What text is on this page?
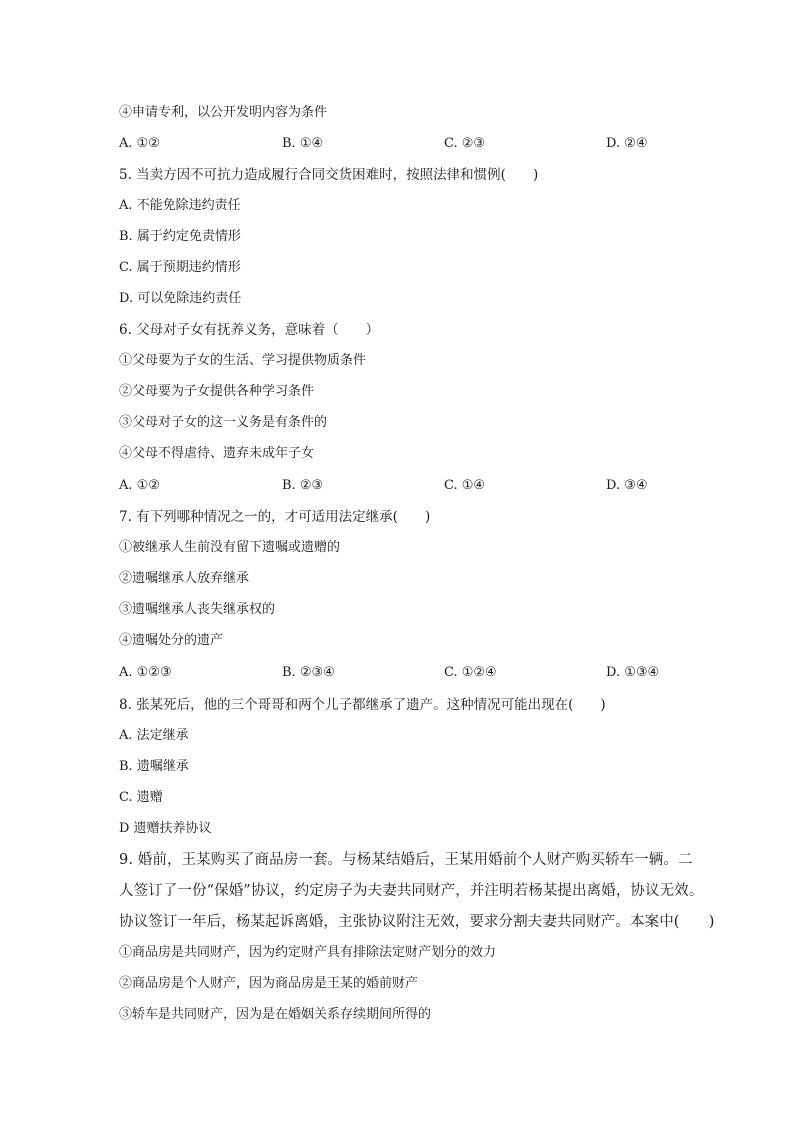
④申请专利，以公开发明内容为条件
A. ①②	B. ①④	C. ②③	D. ②④
5. 当卖方因不可抗力造成履行合同交货困难时，按照法律和惯例(　　)
A. 不能免除违约责任
B. 属于约定免责情形
C. 属于预期违约情形
D. 可以免除违约责任
6. 父母对子女有抚养义务，意味着（　　）
①父母要为子女的生活、学习提供物质条件
②父母要为子女提供各种学习条件
③父母对子女的这一义务是有条件的
④父母不得虐待、遗弃未成年子女
A. ①②	B. ②③	C. ①④	D. ③④
7. 有下列哪种情况之一的，才可适用法定继承(　　)
①被继承人生前没有留下遗嘱或遗赠的
②遗嘱继承人放弃继承
③遗嘱继承人丧失继承权的
④遗嘱处分的遗产
A. ①②③	B. ②③④	C. ①②④	D. ①③④
8. 张某死后，他的三个哥哥和两个儿子都继承了遗产。这种情况可能出现在(　　)
A. 法定继承
B. 遗嘱继承
C. 遗赠
D 遗赠扶养协议
9. 婚前，王某购买了商品房一套。与杨某结婚后，王某用婚前个人财产购买轿车一辆。二
人签订了一份“保婚”协议，约定房子为夫妻共同财产，并注明若杨某提出离婚，协议无效。
协议签订一年后，杨某起诉离婚，主张协议附注无效，要求分割夫妻共同财产。本案中(　　)
①商品房是共同财产，因为约定财产具有排除法定财产划分的效力
②商品房是个人财产，因为商品房是王某的婚前财产
③轿车是共同财产，因为是在婚姻关系存续期间所得的
